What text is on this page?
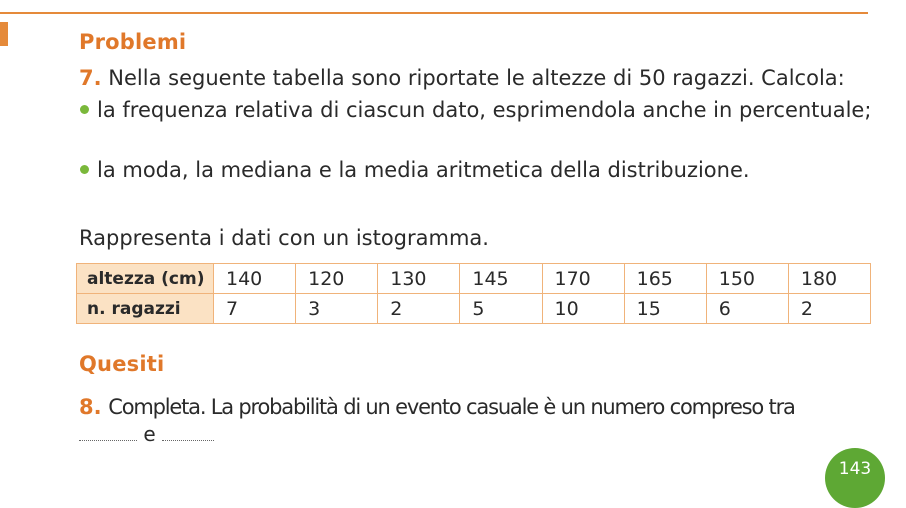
Problemi

7. Nella seguente tabella sono riportate le altezze di 50 ragazzi. Calcola:

la frequenza relativa di ciascun dato, esprimendola anche in percentuale;

la moda, la mediana e la media aritmetica della distribuzione.

Rappresenta i dati con un istogramma.

altezza (cm)	140	120	130	145	170	165	150	180
n. ragazzi	7	3	2	5	10	15	6	2
Quesiti

8. Completa. La probabilità di un evento casuale è un numero compreso tra

e

143
